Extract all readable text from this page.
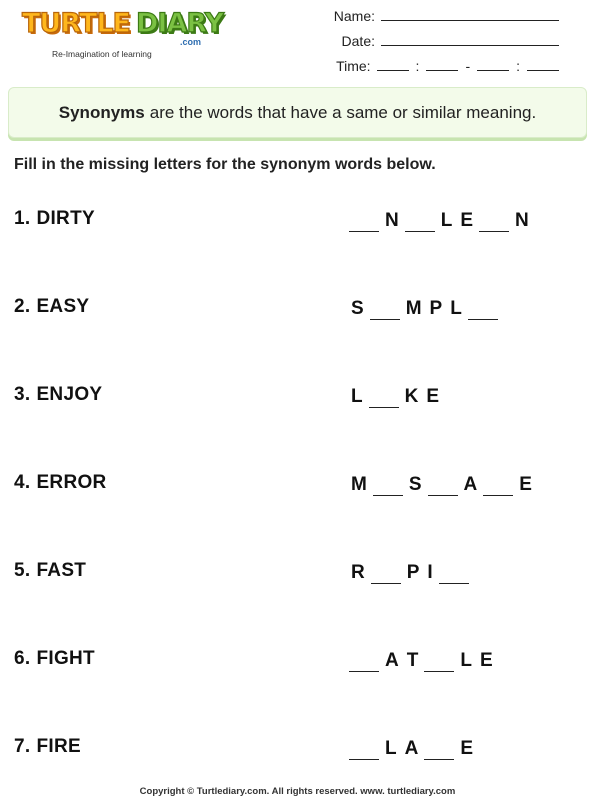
TURTLE DIARY
.com
Re-Imagination of learning
Name:
Date:
Time:	:	-	:
Synonyms are the words that have a same or similar meaning.
Fill in the missing letters for the synonym words below.
1. DIRTY	N L E N
2. EASY	S M P L
3. ENJOY	L K E
4. ERROR	M S A E
5. FAST	R P I
6. FIGHT	A T L E
7. FIRE	L A E
Copyright © Turtlediary.com. All rights reserved. www. turtlediary.com
